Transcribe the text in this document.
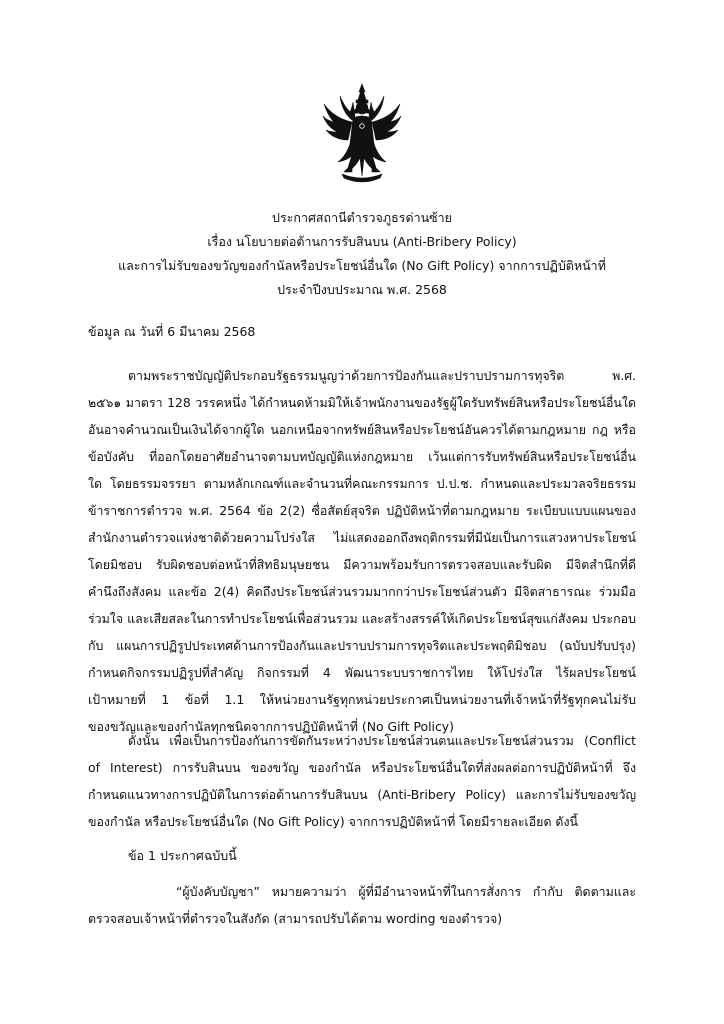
ประกาศสถานีตำรวจภูธรด่านซ้าย
เรื่อง นโยบายต่อต้านการรับสินบน (Anti-Bribery Policy)
และการไม่รับของขวัญของกำนัลหรือประโยชน์อื่นใด (No Gift Policy) จากการปฏิบัติหน้าที่
ประจำปีงบประมาณ พ.ศ. 2568
ข้อมูล ณ วันที่ 6 มีนาคม 2568
ตามพระราชบัญญัติประกอบรัฐธรรมนูญว่าด้วยการป้องกันและปราบปรามการทุจริต พ.ศ.
๒๕๖๑ มาตรา 128 วรรคหนึ่ง ได้กำหนดห้ามมิให้เจ้าพนักงานของรัฐผู้ใดรับทรัพย์สินหรือประโยชน์อื่นใด
อันอาจคำนวณเป็นเงินได้จากผู้ใด นอกเหนือจากทรัพย์สินหรือประโยชน์อันควรได้ตามกฎหมาย กฎ หรือ
ข้อบังคับ ที่ออกโดยอาศัยอำนาจตามบทบัญญัติแห่งกฎหมาย เว้นแต่การรับทรัพย์สินหรือประโยชน์อื่น
ใด โดยธรรมจรรยา ตามหลักเกณฑ์และจำนวนที่คณะกรรมการ ป.ป.ช. กำหนดและประมวลจริยธรรม
ข้าราชการตำรวจ พ.ศ. 2564 ข้อ 2(2) ซื่อสัตย์สุจริต ปฏิบัติหน้าที่ตามกฎหมาย ระเบียบแบบแผนของ
สำนักงานตำรวจแห่งชาติด้วยความโปร่งใส ไม่แสดงออกถึงพฤติกรรมที่มีนัยเป็นการแสวงหาประโยชน์
โดยมิชอบ รับผิดชอบต่อหน้าที่สิทธิมนุษยชน มีความพร้อมรับการตรวจสอบและรับผิด มีจิตสำนึกที่ดี
คำนึงถึงสังคม และข้อ 2(4) คิดถึงประโยชน์ส่วนรวมมากกว่าประโยชน์ส่วนตัว มีจิตสาธารณะ ร่วมมือ
ร่วมใจ และเสียสละในการทำประโยชน์เพื่อส่วนรวม และสร้างสรรค์ให้เกิดประโยชน์สุขแก่สังคม ประกอบ
กับ แผนการปฏิรูปประเทศด้านการป้องกันและปราบปรามการทุจริตและประพฤติมิชอบ (ฉบับปรับปรุง)
กำหนดกิจกรรมปฏิรูปที่สำคัญ กิจกรรมที่ 4 พัฒนาระบบราชการไทย ให้โปร่งใส ไร้ผลประโยชน์
เป้าหมายที่ 1 ข้อที่ 1.1 ให้หน่วยงานรัฐทุกหน่วยประกาศเป็นหน่วยงานที่เจ้าหน้าที่รัฐทุกคนไม่รับ
ของขวัญและของกำนัลทุกชนิดจากการปฏิบัติหน้าที่ (No Gift Policy)
ดังนั้น เพื่อเป็นการป้องกันการขัดกันระหว่างประโยชน์ส่วนตนและประโยชน์ส่วนรวม (Conflict
of Interest) การรับสินบน ของขวัญ ของกำนัล หรือประโยชน์อื่นใดที่ส่งผลต่อการปฏิบัติหน้าที่ จึง
กำหนดแนวทางการปฏิบัติในการต่อต้านการรับสินบน (Anti-Bribery Policy) และการไม่รับของขวัญ
ของกำนัล หรือประโยชน์อื่นใด (No Gift Policy) จากการปฏิบัติหน้าที่ โดยมีรายละเอียด ดังนี้
ข้อ 1 ประกาศฉบับนี้
“ผู้บังคับบัญชา” หมายความว่า ผู้ที่มีอำนาจหน้าที่ในการสั่งการ กำกับ ติดตามและ
ตรวจสอบเจ้าหน้าที่ตำรวจในสังกัด (สามารถปรับได้ตาม wording ของตำรวจ)
